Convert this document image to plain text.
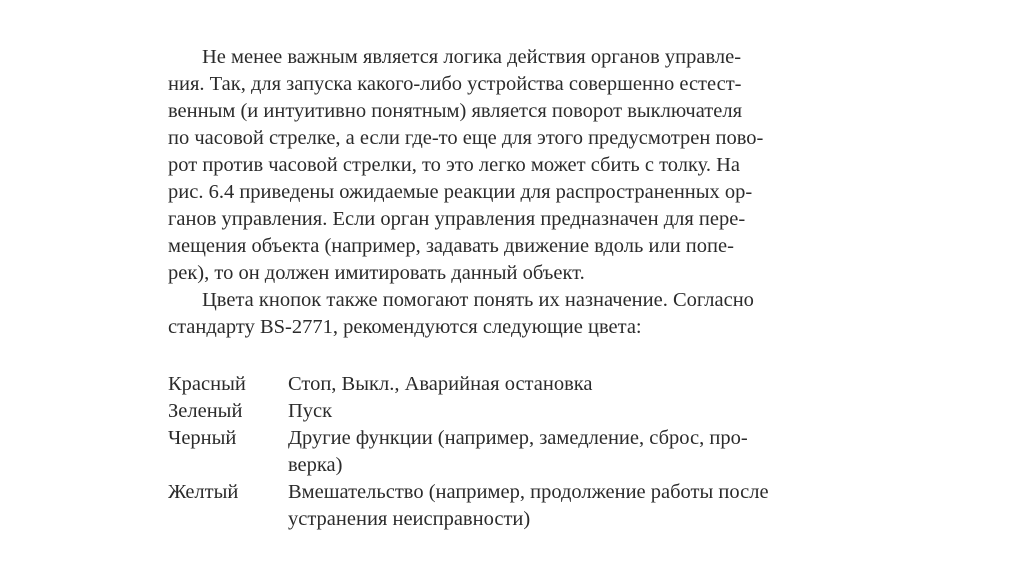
Не менее важным является логика действия органов управле-
ния. Так, для запуска какого-либо устройства совершенно естест-
венным (и интуитивно понятным) является поворот выключателя
по часовой стрелке, а если где-то еще для этого предусмотрен пово-
рот против часовой стрелки, то это легко может сбить с толку. На
рис. 6.4 приведены ожидаемые реакции для распространенных ор-
ганов управления. Если орган управления предназначен для пере-
мещения объекта (например, задавать движение вдоль или попе-
рек), то он должен имитировать данный объект.
Цвета кнопок также помогают понять их назначение. Согласно
стандарту BS-2771, рекомендуются следующие цвета:
Красный	Стоп, Выкл., Аварийная остановка
Зеленый	Пуск
Черный	Другие функции (например, замедление, сброс, про-
верка)
Желтый	Вмешательство (например, продолжение работы после
устранения неисправности)
